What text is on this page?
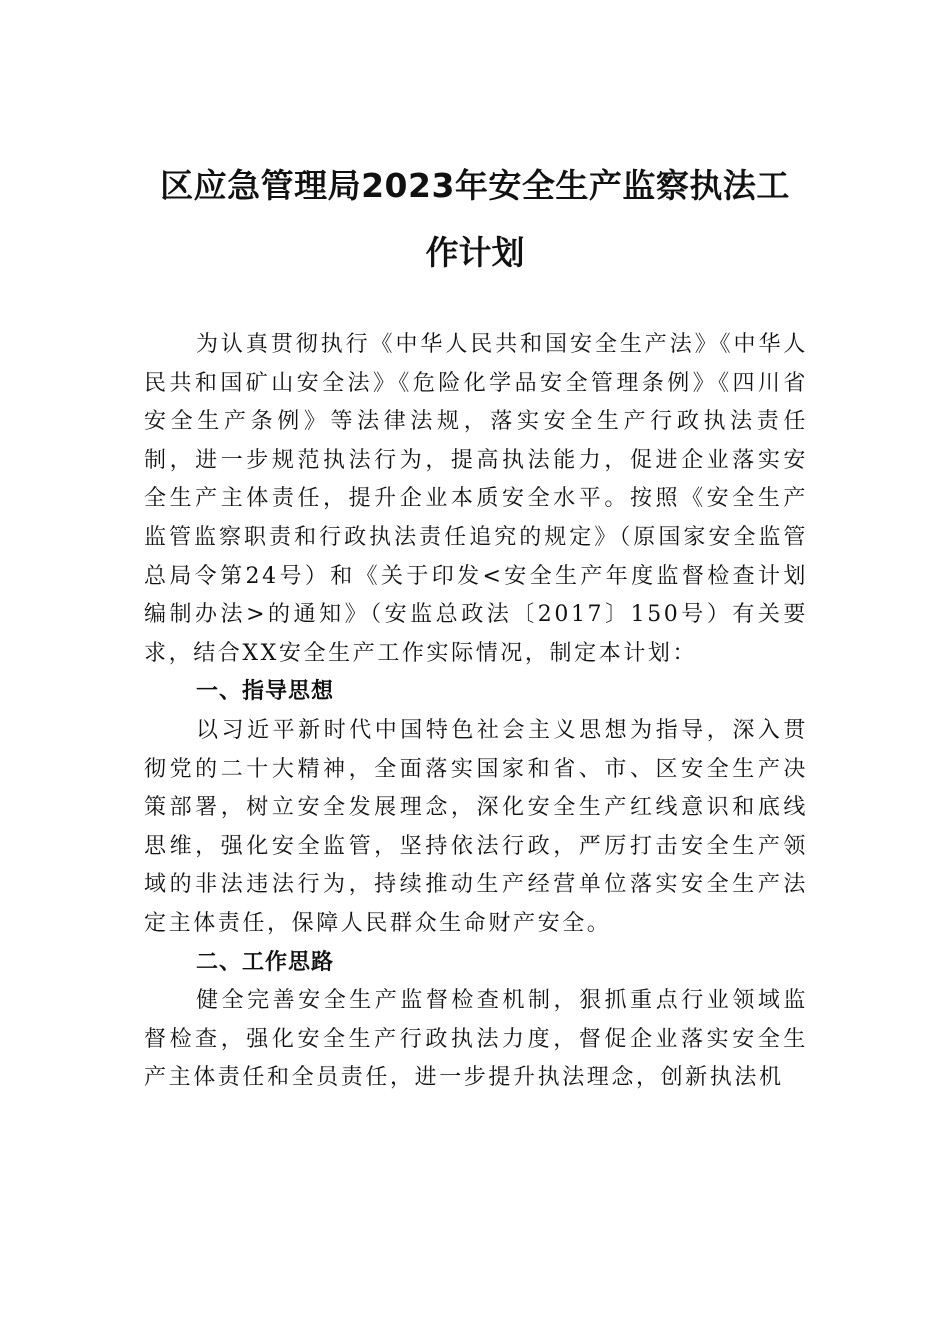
区应急管理局2023年安全生产监察执法工
作计划

为认真贯彻执行《中华人民共和国安全生产法》《中华人民共和国矿山安全法》《危险化学品安全管理条例》《四川省安全生产条例》等法律法规，落实安全生产行政执法责任制，进一步规范执法行为，提高执法能力，促进企业落实安全生产主体责任，提升企业本质安全水平。按照《安全生产监管监察职责和行政执法责任追究的规定》（原国家安全监管总局令第24号）和《关于印发<安全生产年度监督检查计划编制办法>的通知》（安监总政法〔2017〕150号）有关要求，结合XX安全生产工作实际情况，制定本计划：

一、指导思想

以习近平新时代中国特色社会主义思想为指导，深入贯彻党的二十大精神，全面落实国家和省、市、区安全生产决策部署，树立安全发展理念，深化安全生产红线意识和底线思维，强化安全监管，坚持依法行政，严厉打击安全生产领域的非法违法行为，持续推动生产经营单位落实安全生产法定主体责任，保障人民群众生命财产安全。

二、工作思路

健全完善安全生产监督检查机制，狠抓重点行业领域监督检查，强化安全生产行政执法力度，督促企业落实安全生产主体责任和全员责任，进一步提升执法理念，创新执法机
